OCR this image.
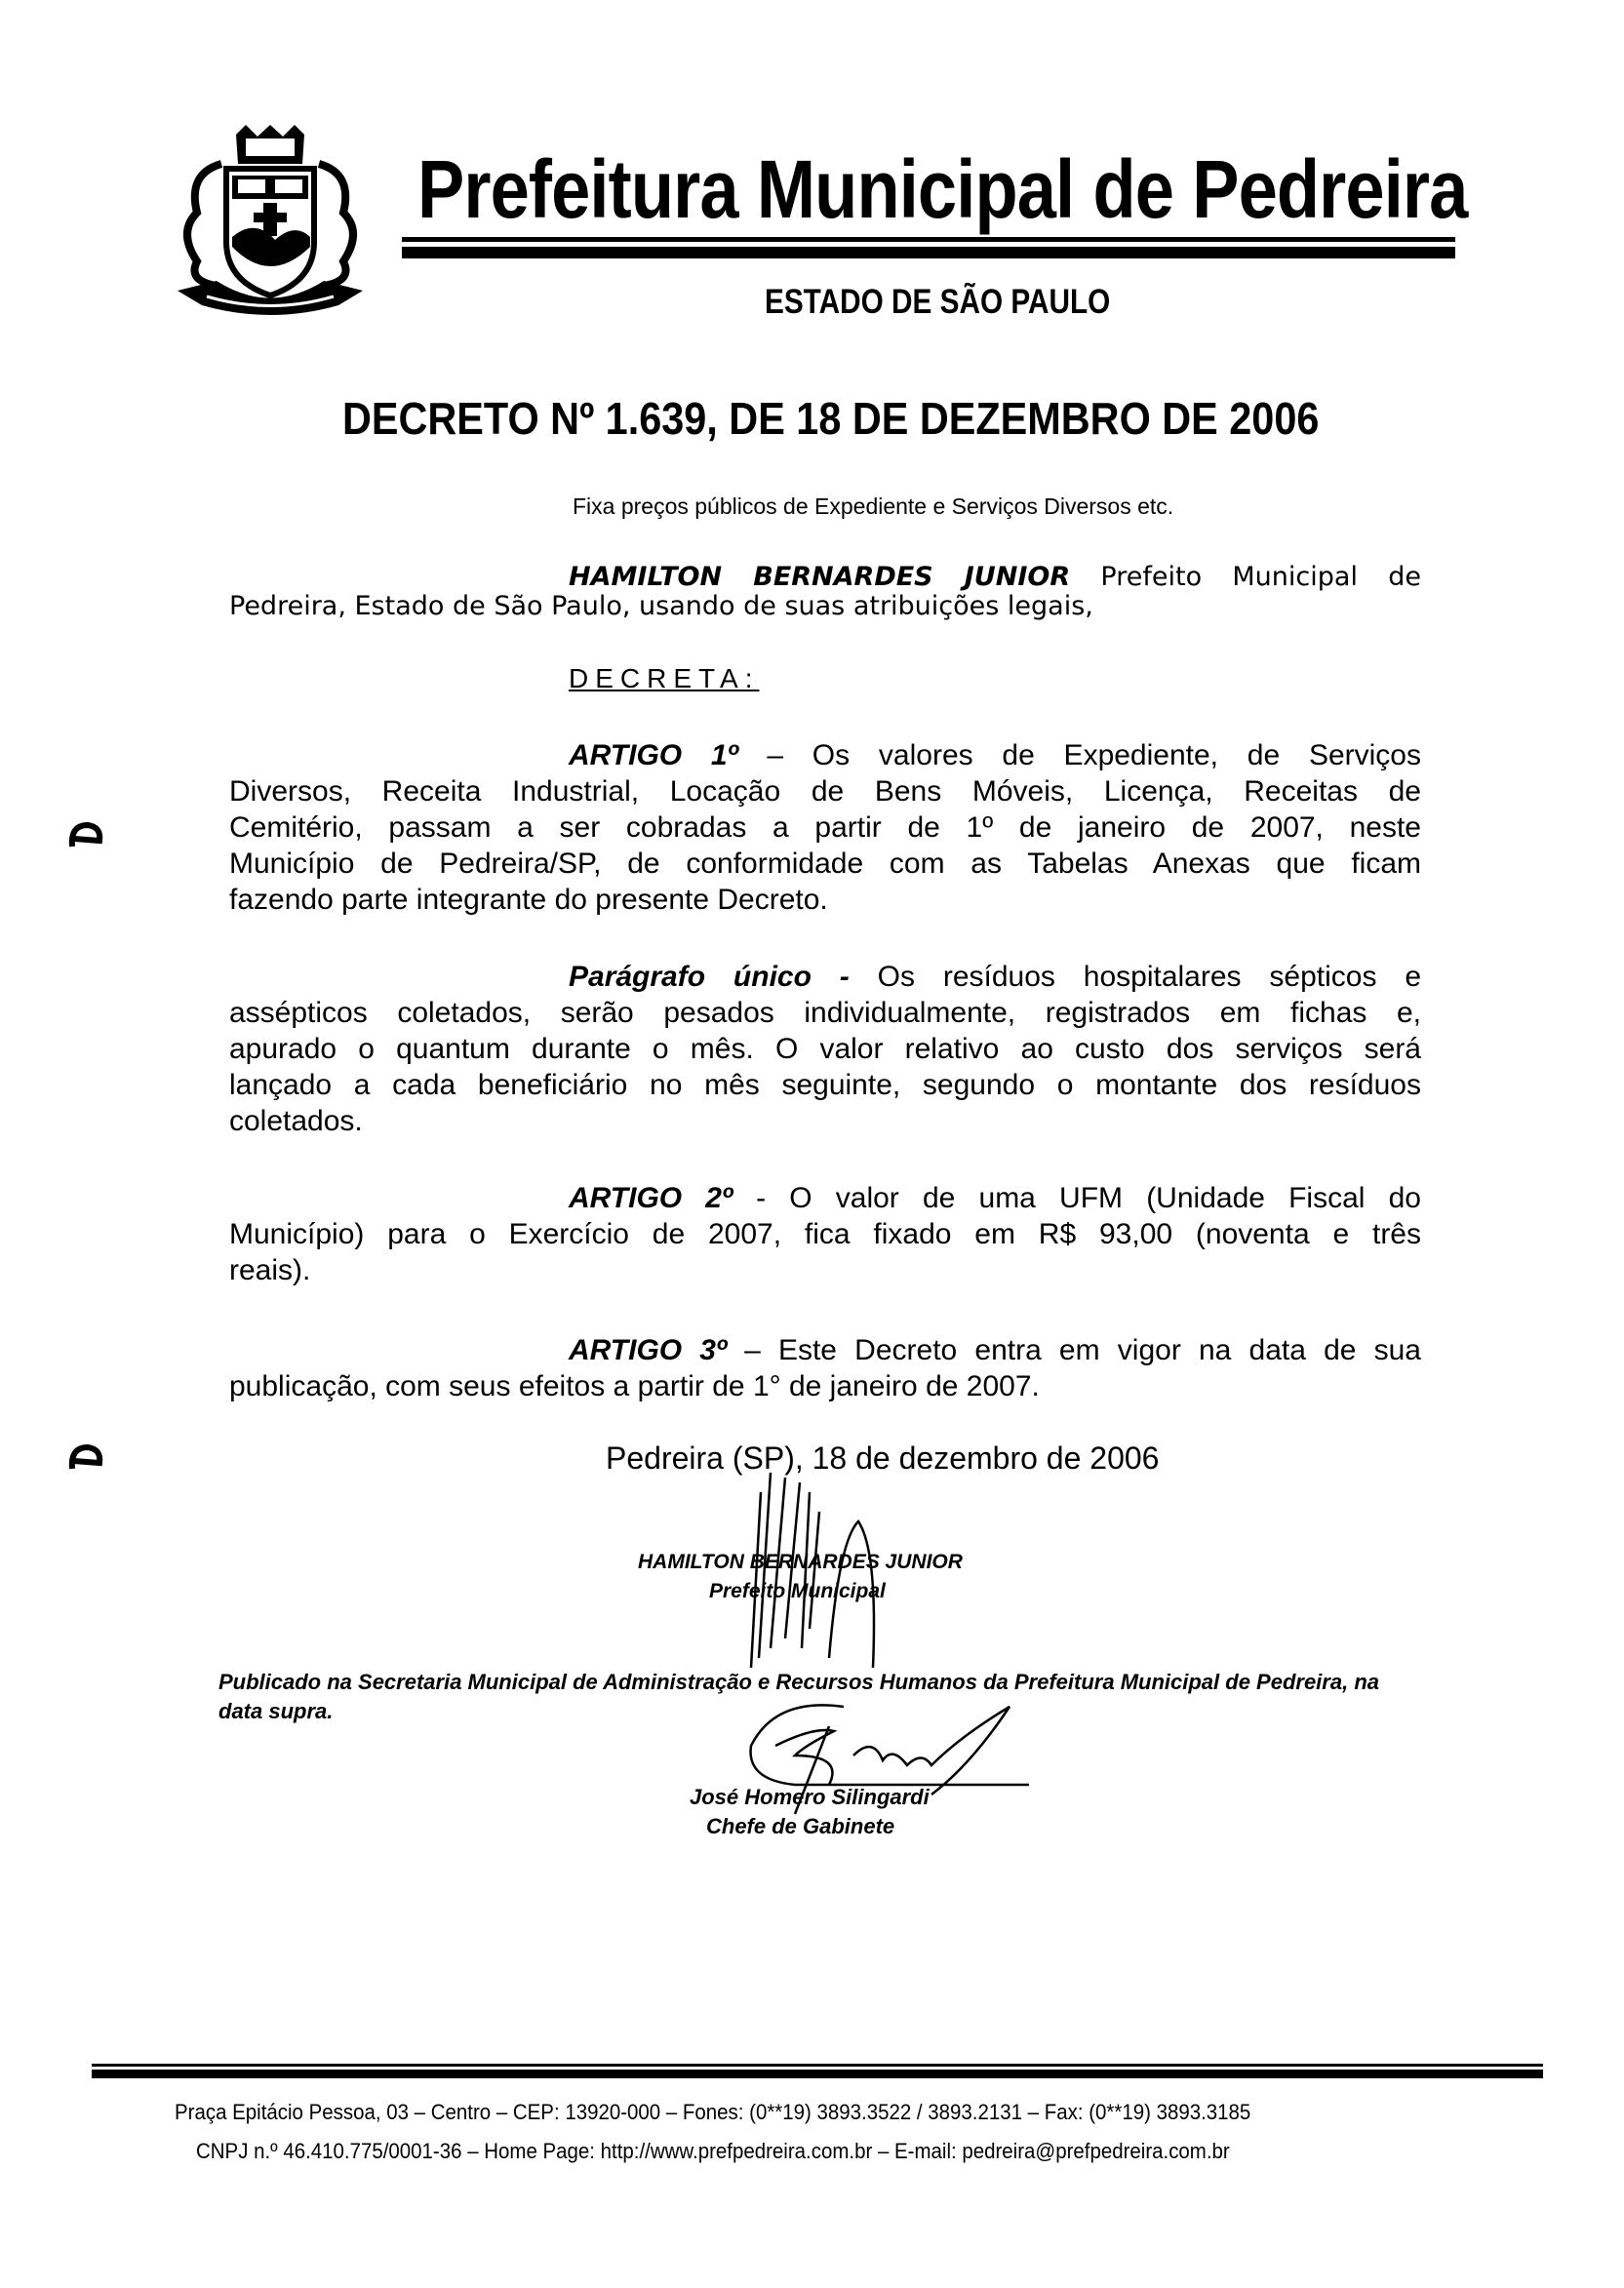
Prefeitura Municipal de Pedreira
ESTADO DE SÃO PAULO
DECRETO Nº 1.639, DE 18 DE DEZEMBRO DE 2006
Fixa preços públicos de Expediente e Serviços Diversos etc.
HAMILTON BERNARDES JUNIOR Prefeito Municipal de
Pedreira, Estado de São Paulo, usando de suas atribuições legais,
DECRETA:
ARTIGO 1º – Os valores de Expediente, de Serviços
Diversos, Receita Industrial, Locação de Bens Móveis, Licença, Receitas de
Cemitério, passam a ser cobradas a partir de 1º de janeiro de 2007, neste
Município de Pedreira/SP, de conformidade com as Tabelas Anexas que ficam
fazendo parte integrante do presente Decreto.
Parágrafo único - Os resíduos hospitalares sépticos e
assépticos coletados, serão pesados individualmente, registrados em fichas e,
apurado o quantum durante o mês. O valor relativo ao custo dos serviços será
lançado a cada beneficiário no mês seguinte, segundo o montante dos resíduos
coletados.
ARTIGO 2º - O valor de uma UFM (Unidade Fiscal do
Município) para o Exercício de 2007, fica fixado em R$ 93,00 (noventa e três
reais).
ARTIGO 3º – Este Decreto entra em vigor na data de sua
publicação, com seus efeitos a partir de 1° de janeiro de 2007.
Pedreira (SP), 18 de dezembro de 2006
HAMILTON BERNARDES JUNIOR
Prefeito Municipal
Publicado na Secretaria Municipal de Administração e Recursos Humanos da Prefeitura Municipal de Pedreira, na data supra.
José Homero Silingardi
Chefe de Gabinete
Praça Epitácio Pessoa, 03 – Centro – CEP: 13920-000 – Fones: (0**19) 3893.3522 / 3893.2131 – Fax: (0**19) 3893.3185
CNPJ n.º 46.410.775/0001-36 – Home Page: http://www.prefpedreira.com.br – E-mail: pedreira@prefpedreira.com.br
